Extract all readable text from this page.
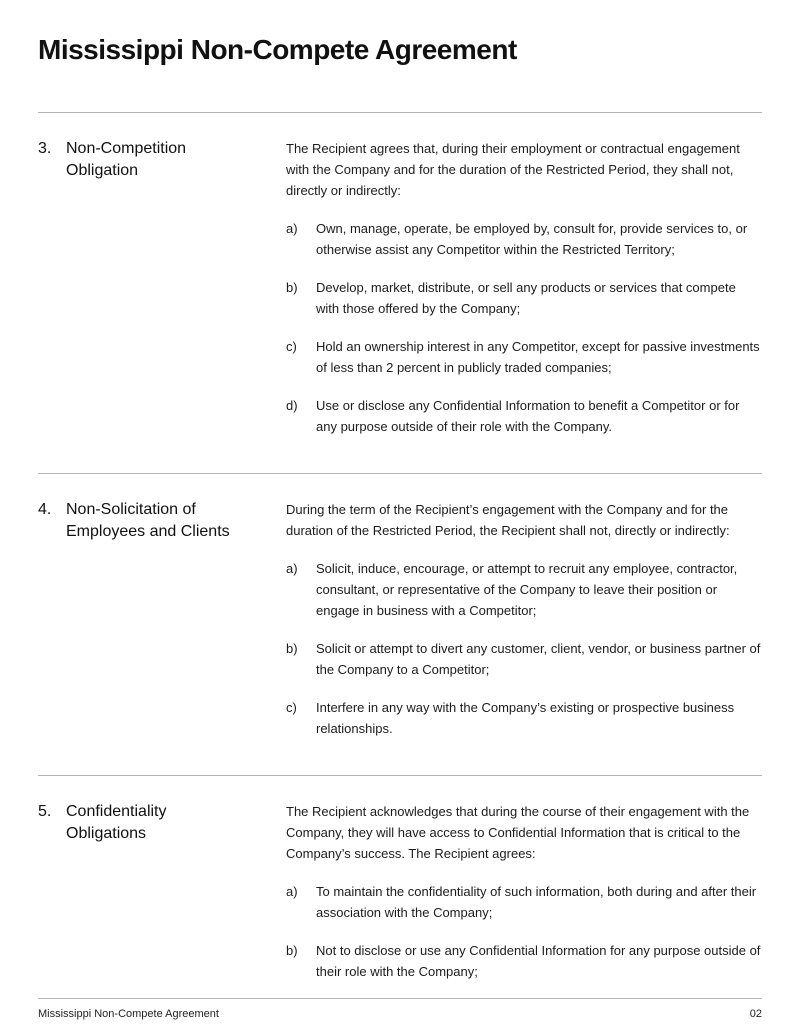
Mississippi Non-Compete Agreement
3. Non-Competition Obligation

The Recipient agrees that, during their employment or contractual engagement with the Company and for the duration of the Restricted Period, they shall not, directly or indirectly:

a)	Own, manage, operate, be employed by, consult for, provide services to, or otherwise assist any Competitor within the Restricted Territory;

b)	Develop, market, distribute, or sell any products or services that compete with those offered by the Company;

c)	Hold an ownership interest in any Competitor, except for passive investments of less than 2 percent in publicly traded companies;

d)	Use or disclose any Confidential Information to benefit a Competitor or for any purpose outside of their role with the Company.

4. Non-Solicitation of Employees and Clients

During the term of the Recipient’s engagement with the Company and for the duration of the Restricted Period, the Recipient shall not, directly or indirectly:

a)	Solicit, induce, encourage, or attempt to recruit any employee, contractor, consultant, or representative of the Company to leave their position or engage in business with a Competitor;

b)	Solicit or attempt to divert any customer, client, vendor, or business partner of the Company to a Competitor;

c)	Interfere in any way with the Company’s existing or prospective business relationships.

5. Confidentiality Obligations

The Recipient acknowledges that during the course of their engagement with the Company, they will have access to Confidential Information that is critical to the Company’s success. The Recipient agrees:

a)	To maintain the confidentiality of such information, both during and after their association with the Company;

b)	Not to disclose or use any Confidential Information for any purpose outside of their role with the Company;

Mississippi Non-Compete Agreement	02
